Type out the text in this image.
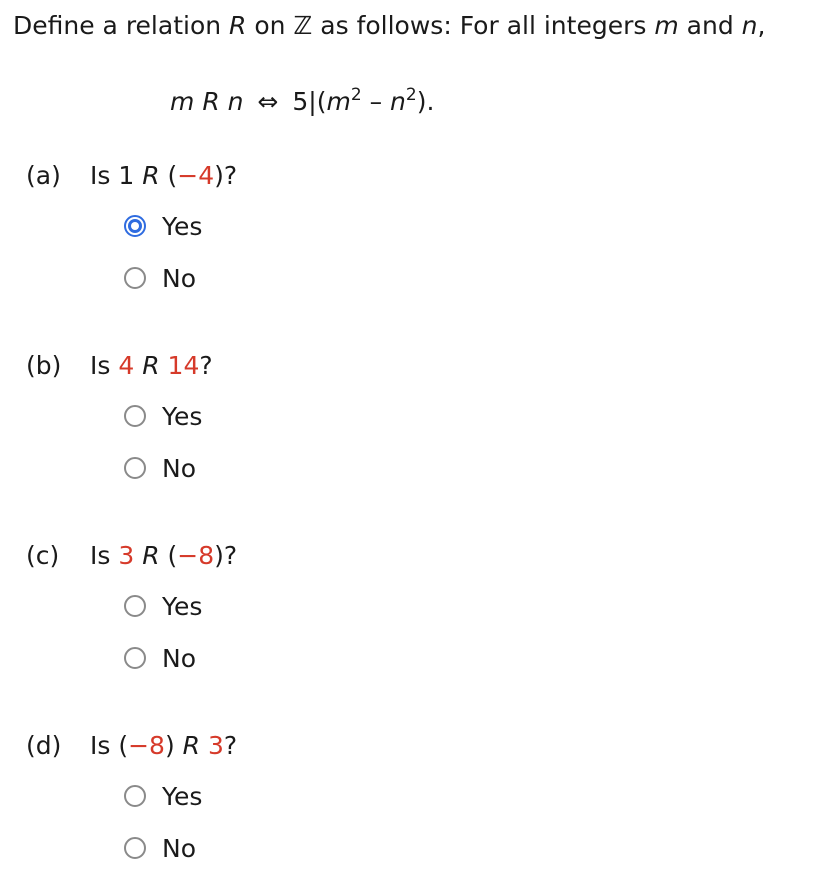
Define a relation R on ℤ as follows: For all integers m and n,
m R n ⇔ $5|(m^2 - n^2)$.
(a) Is 1 R (−4)?
Yes
No
(b) Is 4 R 14?
Yes
No
(c) Is 3 R (−8)?
Yes
No
(d) Is (−8) R 3?
Yes
No
